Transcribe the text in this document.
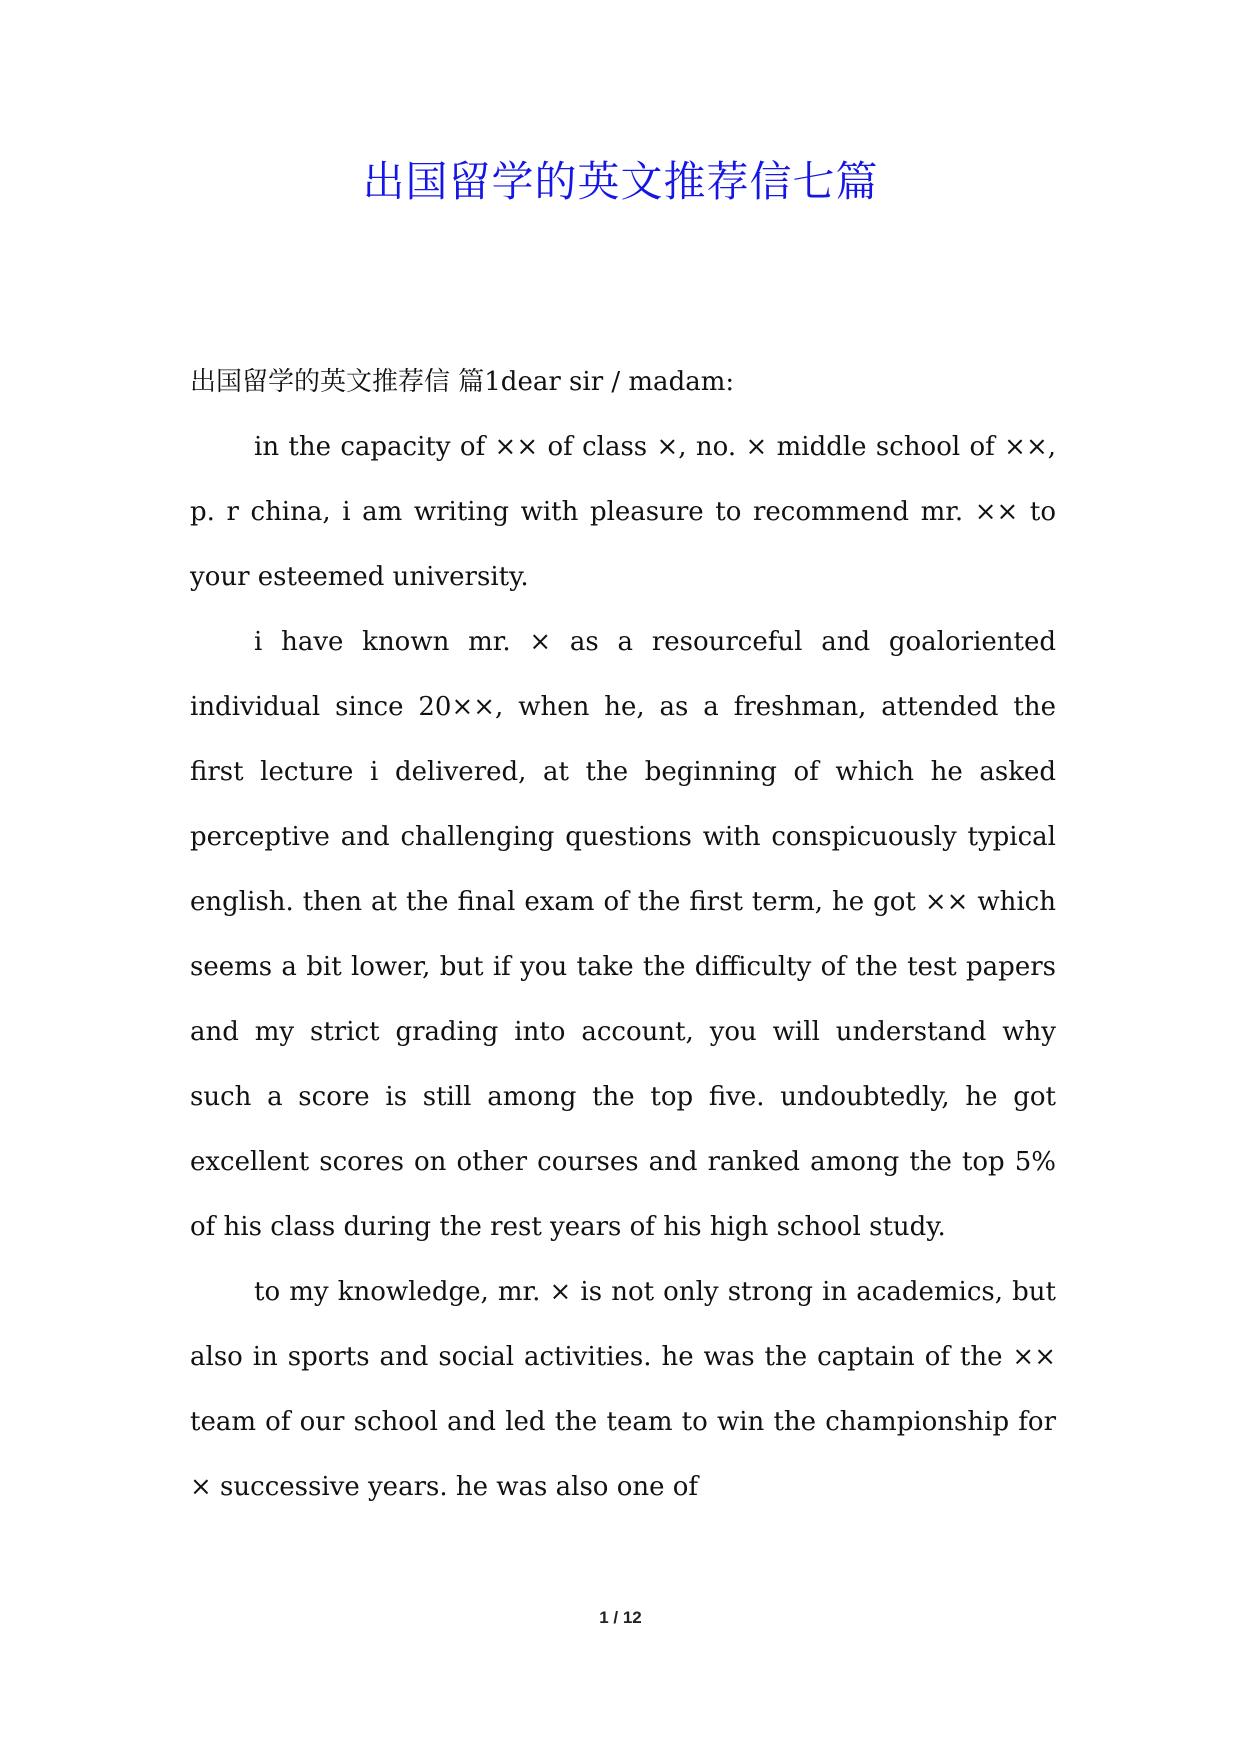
出国留学的英文推荐信七篇

出国留学的英文推荐信 篇1dear sir / madam:

in the capacity of ×× of class ×, no. × middle school of ××, p. r china, i am writing with pleasure to recommend mr. ×× to your esteemed university.

i have known mr. × as a resourceful and goaloriented individual since 20××, when he, as a freshman, attended the first lecture i delivered, at the beginning of which he asked perceptive and challenging questions with conspicuously typical english. then at the final exam of the first term, he got ×× which seems a bit lower, but if you take the difficulty of the test papers and my strict grading into account, you will understand why such a score is still among the top five. undoubtedly, he got excellent scores on other courses and ranked among the top 5% of his class during the rest years of his high school study.

to my knowledge, mr. × is not only strong in academics, but also in sports and social activities. he was the captain of the ×× team of our school and led the team to win the championship for × successive years. he was also one of

1 / 12
